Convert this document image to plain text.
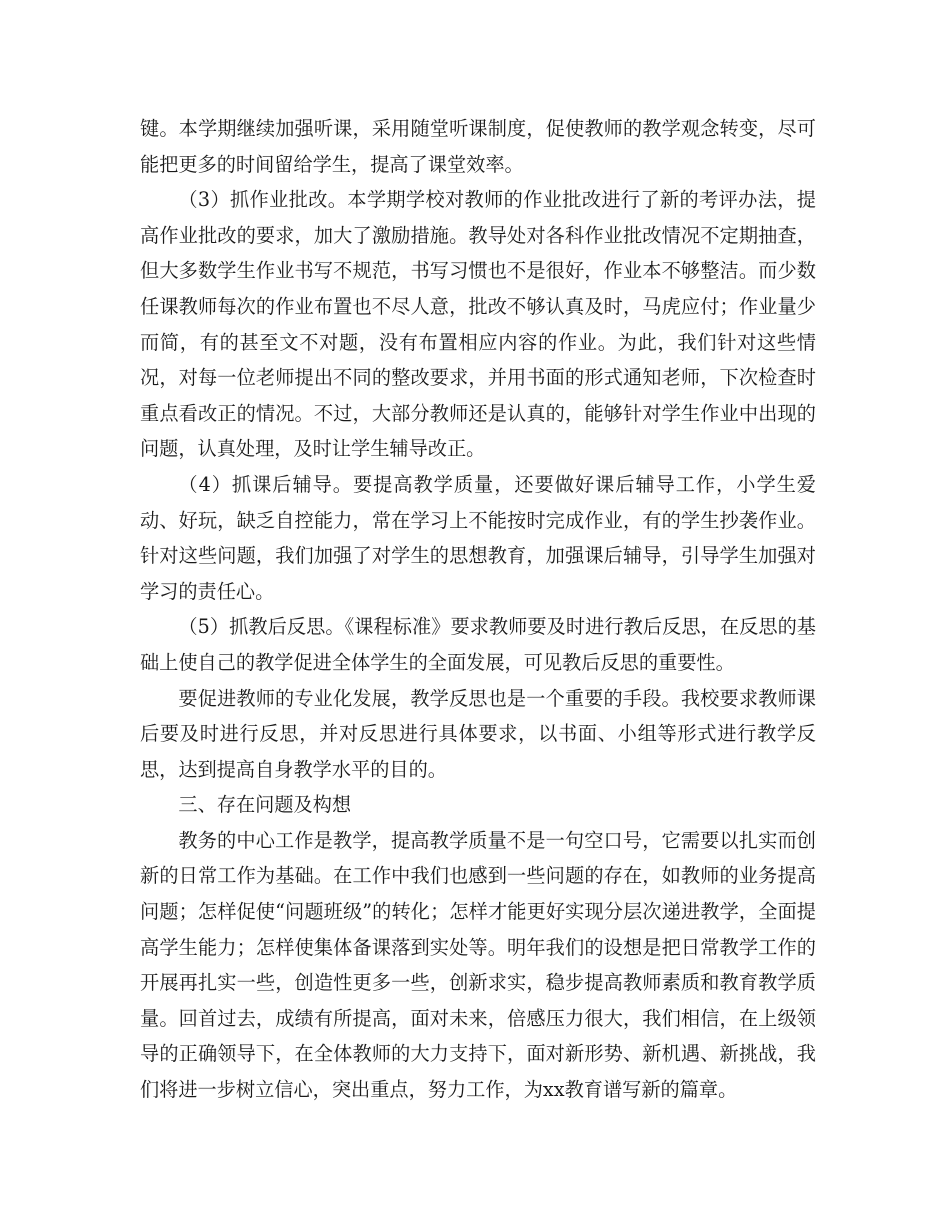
键。本学期继续加强听课，采用随堂听课制度，促使教师的教学观念转变，尽可能把更多的时间留给学生，提高了课堂效率。

（3）抓作业批改。本学期学校对教师的作业批改进行了新的考评办法，提高作业批改的要求，加大了激励措施。教导处对各科作业批改情况不定期抽查，但大多数学生作业书写不规范，书写习惯也不是很好，作业本不够整洁。而少数任课教师每次的作业布置也不尽人意，批改不够认真及时，马虎应付；作业量少而简，有的甚至文不对题，没有布置相应内容的作业。为此，我们针对这些情况，对每一位老师提出不同的整改要求，并用书面的形式通知老师，下次检查时重点看改正的情况。不过，大部分教师还是认真的，能够针对学生作业中出现的问题，认真处理，及时让学生辅导改正。

（4）抓课后辅导。要提高教学质量，还要做好课后辅导工作，小学生爱动、好玩，缺乏自控能力，常在学习上不能按时完成作业，有的学生抄袭作业。针对这些问题，我们加强了对学生的思想教育，加强课后辅导，引导学生加强对学习的责任心。

（5）抓教后反思。《课程标准》要求教师要及时进行教后反思，在反思的基础上使自己的教学促进全体学生的全面发展，可见教后反思的重要性。

要促进教师的专业化发展，教学反思也是一个重要的手段。我校要求教师课后要及时进行反思，并对反思进行具体要求，以书面、小组等形式进行教学反思，达到提高自身教学水平的目的。

三、存在问题及构想

教务的中心工作是教学，提高教学质量不是一句空口号，它需要以扎实而创新的日常工作为基础。在工作中我们也感到一些问题的存在，如教师的业务提高问题；怎样促使“问题班级”的转化；怎样才能更好实现分层次递进教学，全面提高学生能力；怎样使集体备课落到实处等。明年我们的设想是把日常教学工作的开展再扎实一些，创造性更多一些，创新求实，稳步提高教师素质和教育教学质量。回首过去，成绩有所提高，面对未来，倍感压力很大，我们相信，在上级领导的正确领导下，在全体教师的大力支持下，面对新形势、新机遇、新挑战，我们将进一步树立信心，突出重点，努力工作，为xx教育谱写新的篇章。
